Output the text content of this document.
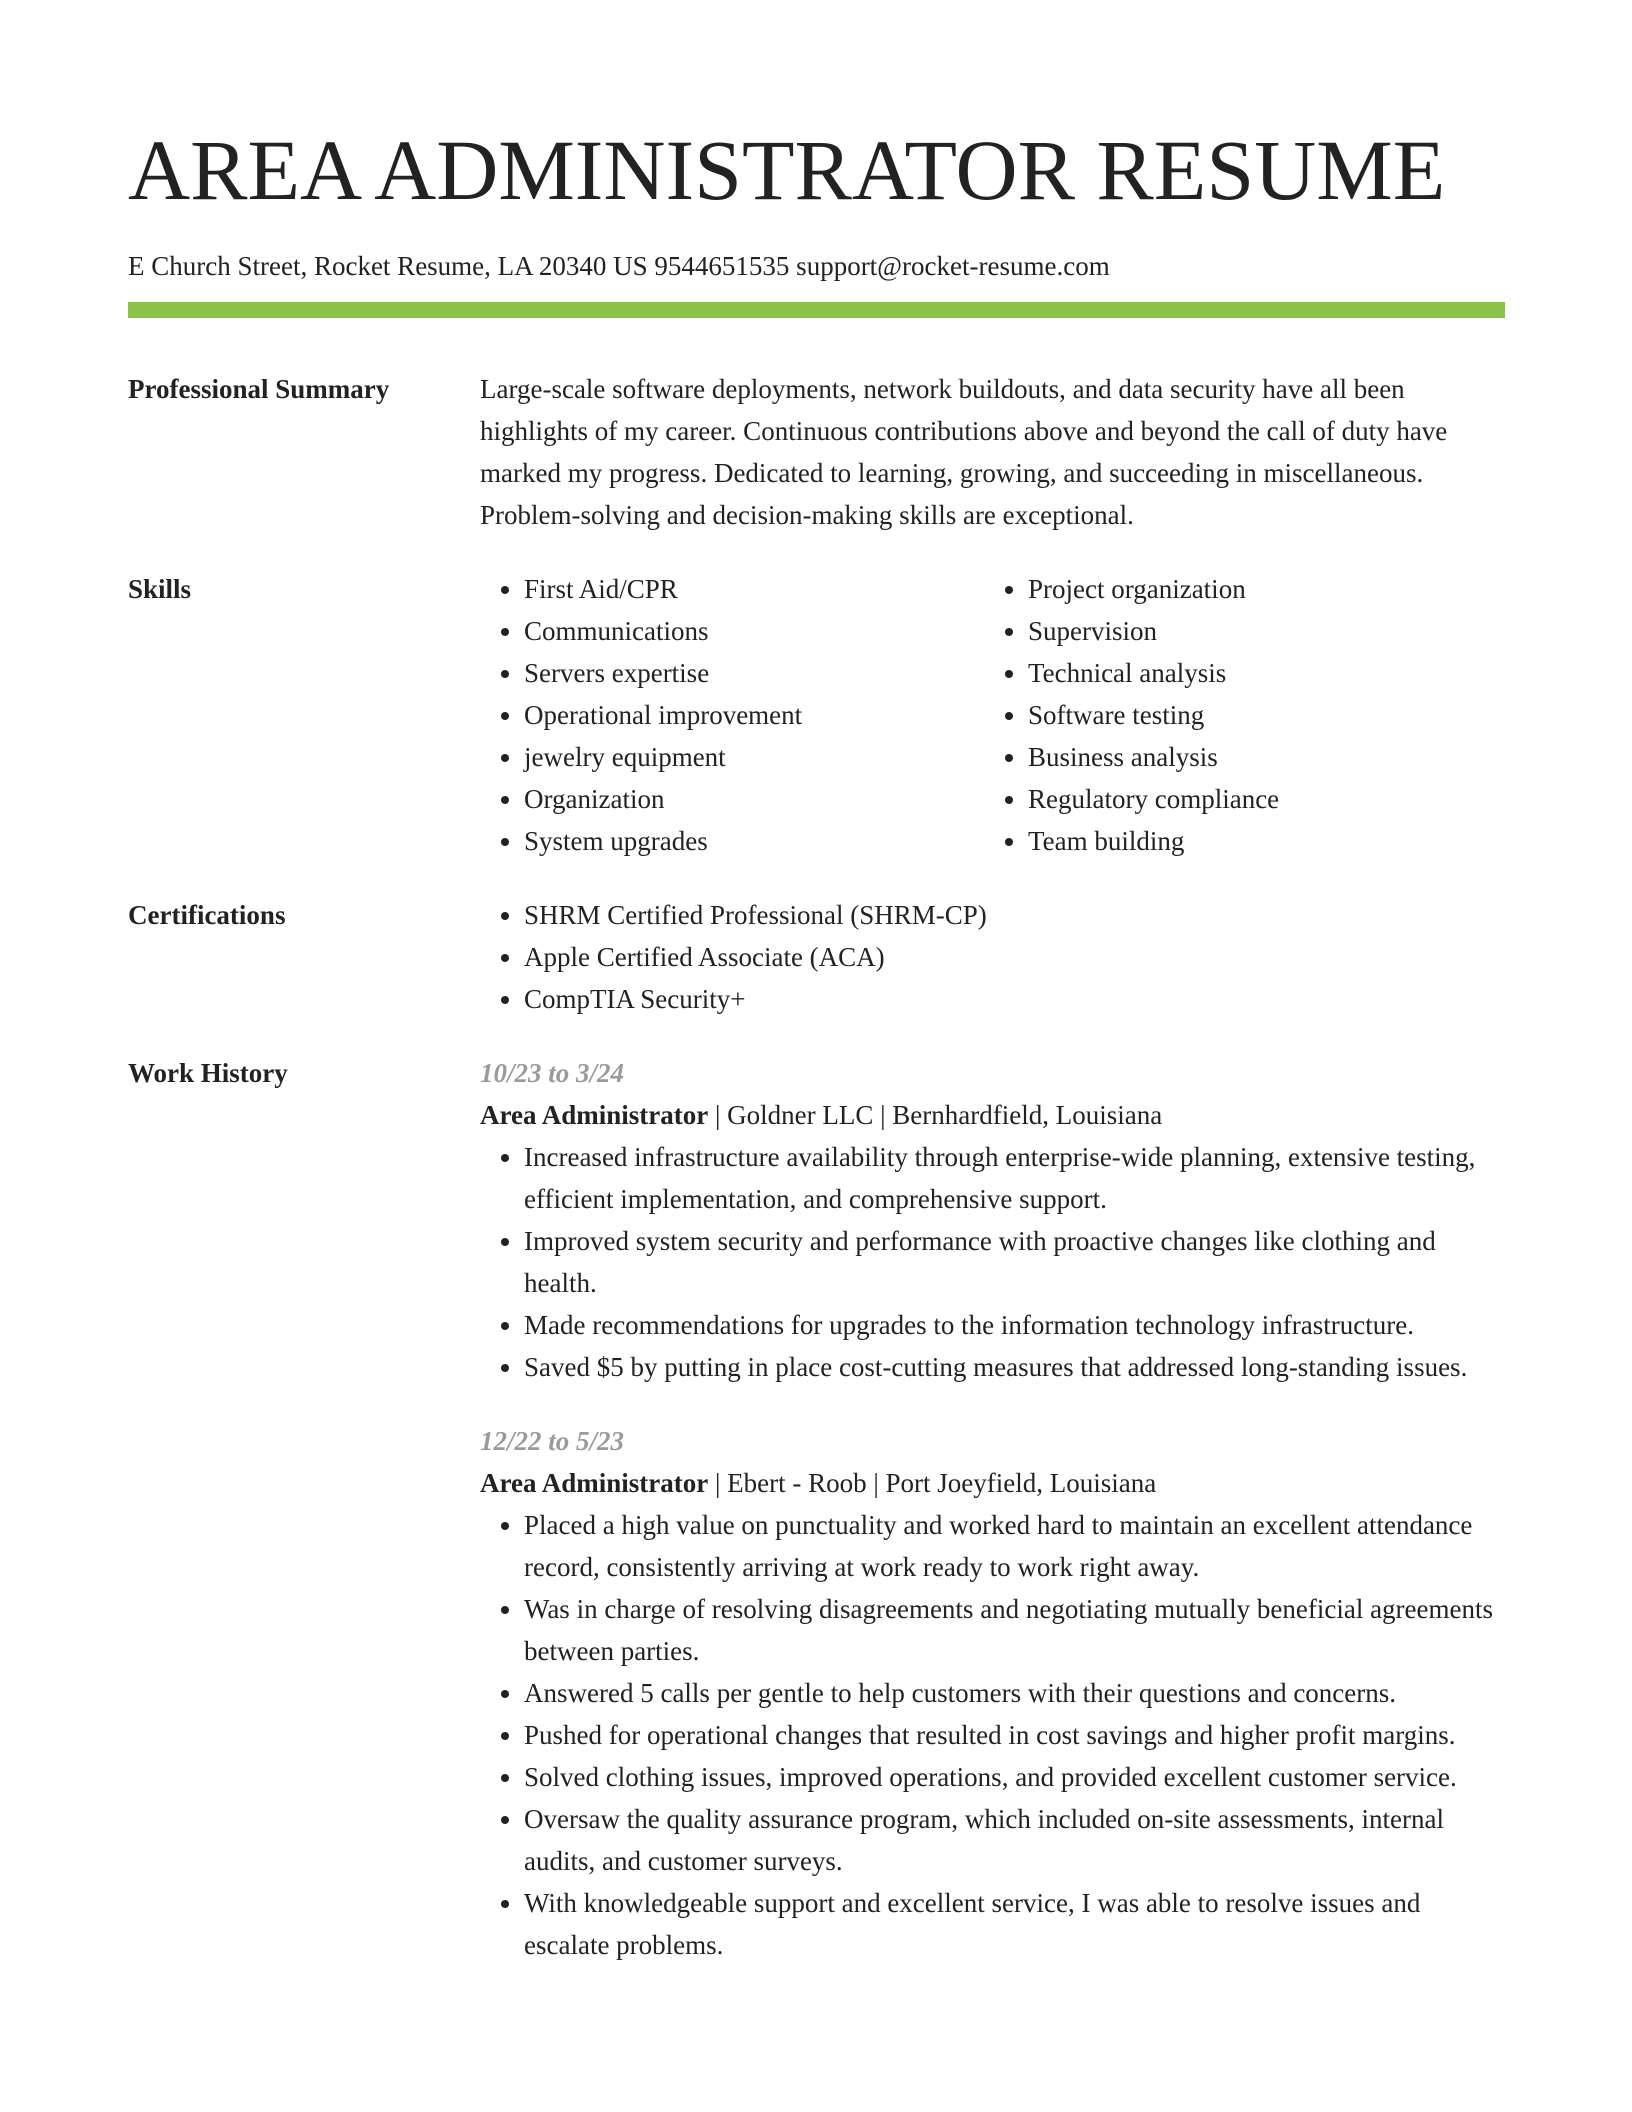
AREA ADMINISTRATOR RESUME
E Church Street, Rocket Resume, LA 20340 US 9544651535 support@rocket-resume.com
Professional Summary	Large-scale software deployments, network buildouts, and data security have all been highlights of my career. Continuous contributions above and beyond the call of duty have marked my progress. Dedicated to learning, growing, and succeeding in miscellaneous. Problem-solving and decision-making skills are exceptional.

Skills	• First Aid/CPR
• Communications
• Servers expertise
• Operational improvement
• jewelry equipment
• Organization
• System upgrades
• Project organization
• Supervision
• Technical analysis
• Software testing
• Business analysis
• Regulatory compliance
• Team building
Certifications	• SHRM Certified Professional (SHRM-CP)
• Apple Certified Associate (ACA)
• CompTIA Security+
Work History	10/23 to 3/24
Area Administrator | Goldner LLC | Bernhardfield, Louisiana
• Increased infrastructure availability through enterprise-wide planning, extensive testing, efficient implementation, and comprehensive support.
• Improved system security and performance with proactive changes like clothing and health.
• Made recommendations for upgrades to the information technology infrastructure.
• Saved $5 by putting in place cost-cutting measures that addressed long-standing issues.
12/22 to 5/23
Area Administrator | Ebert - Roob | Port Joeyfield, Louisiana
• Placed a high value on punctuality and worked hard to maintain an excellent attendance record, consistently arriving at work ready to work right away.
• Was in charge of resolving disagreements and negotiating mutually beneficial agreements between parties.
• Answered 5 calls per gentle to help customers with their questions and concerns.
• Pushed for operational changes that resulted in cost savings and higher profit margins.
• Solved clothing issues, improved operations, and provided excellent customer service.
• Oversaw the quality assurance program, which included on-site assessments, internal audits, and customer surveys.
• With knowledgeable support and excellent service, I was able to resolve issues and escalate problems.
